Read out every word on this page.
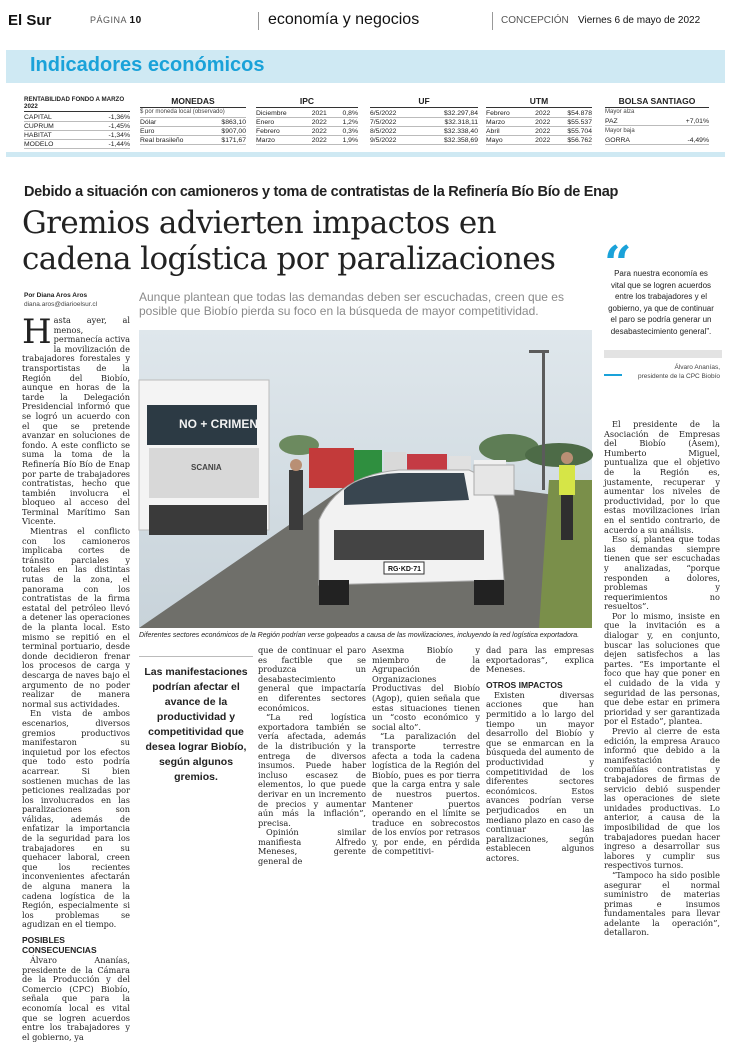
El Sur	PÁGINA 10	economía y negocios	CONCEPCIÓN Viernes 6 de mayo de 2022
Indicadores económicos
RENTABILIDAD FONDO A MARZO 2022
CAPITAL	-1,36%
CUPRUM	-1,45%
HABITAT	-1,34%
MODELO	-1,44%
MONEDAS
$ por moneda local (observado)
Dólar	$863,10
Euro	$907,00
Real brasileño	$171,67
IPC
Diciembre	2021 0,8%
Enero	2022 1,2%
Febrero	2022 0,3%
Marzo	2022 1,9%
UF
6/5/2022	$32.297,84
7/5/2022	$32.318,11
8/5/2022	$32.338,40
9/5/2022	$32.358,69
UTM
Febrero	2022	$54.878
Marzo	2022	$55.537
Abril	2022	$55.704
Mayo	2022	$56.762
BOLSA SANTIAGO
Mayor alza
PAZ	+7,01%
Mayor baja
GORRA	-4,49%
Debido a situación con camioneros y toma de contratistas de la Refinería Bío Bío de Enap
Gremios advierten impactos en cadena logística por paralizaciones
Por Diana Aros Aros
diana.aros@diarioelsur.cl
Aunque plantean que todas las demandas deben ser escuchadas, creen que es posible que Biobío pierda su foco en la búsqueda de mayor competitividad.
H asta ayer, al menos, permanecía activa la movilización de trabajadores forestales y transportistas de la Región del Biobío, aunque en horas de la tarde la Delegación Presidencial informó que se logró un acuerdo con el que se pretende avanzar en soluciones de fondo. A este conflicto se suma la toma de la Refinería Bío Bío de Enap por parte de trabajadores contratistas, hecho que también involucra el bloqueo al acceso del Terminal Marítimo San Vicente.

Mientras el conflicto con los camioneros implicaba cortes de tránsito parciales y totales en las distintas rutas de la zona, el panorama con los contratistas de la firma estatal del petróleo llevó a detener las operaciones de la planta local. Esto mismo se repitió en el terminal portuario, desde donde decidieron frenar los procesos de carga y descarga de naves bajo el argumento de no poder realizar de manera normal sus actividades.

En vista de ambos escenarios, diversos gremios productivos manifestaron su inquietud por los efectos que todo esto podría acarrear. Si bien sostienen muchas de las peticiones realizadas por los involucrados en las paralizaciones son válidas, además de enfatizar la importancia de la seguridad para los trabajadores en su quehacer laboral, creen que los recientes inconvenientes afectarán de alguna manera la cadena logística de la Región, especialmente si los problemas se agudizan en el tiempo.

POSIBLES CONSECUENCIAS

Álvaro Ananías, presidente de la Cámara de la Producción y del Comercio (CPC) Biobío, señala que para la economía local es vital que se logren acuerdos entre los trabajadores y el gobierno, ya

NO + CRIMEN
SCANIA
RG·KD·71
Diferentes sectores económicos de la Región podrían verse golpeados a causa de las movilizaciones, incluyendo la red logística exportadora.
Las manifestaciones podrían afectar el avance de la productividad y competitividad que desea lograr Biobío, según algunos gremios.

que de continuar el paro es factible que se produzca un desabastecimiento general que impactaría en diferentes sectores económicos.

“La red logística exportadora también se vería afectada, además de la distribución y la entrega de diversos insumos. Puede haber incluso escasez de elementos, lo que puede derivar en un incremento de precios y aumentar aún más la inflación”, precisa.

Opinión similar manifiesta Alfredo Meneses, gerente general de

Asexma Biobío y miembro de la Agrupación de Organizaciones Productivas del Biobío (Agop), quien señala que estas situaciones tienen un “costo económico y social alto”.

“La paralización del transporte terrestre afecta a toda la cadena logística de la Región del Biobío, pues es por tierra que la carga entra y sale de nuestros puertos. Mantener puertos operando en el límite se traduce en sobrecostos de los envíos por retrasos y, por ende, en pérdida de competitivi-

dad para las empresas exportadoras”, explica Meneses.

OTROS IMPACTOS

Existen diversas acciones que han permitido a lo largo del tiempo un mayor desarrollo del Biobío y que se enmarcan en la búsqueda del aumento de productividad y competitividad de los diferentes sectores económicos. Estos avances podrían verse perjudicados en un mediano plazo en caso de continuar las paralizaciones, según establecen algunos actores.

“
Para nuestra economía es vital que se logren acuerdos entre los trabajadores y el gobierno, ya que de continuar el paro se podría generar un desabastecimiento general”.
Álvaro Ananías,
presidente de la CPC Biobío

El presidente de la Asociación de Empresas del Biobío (Asem), Humberto Miguel, puntualiza que el objetivo de la Región es, justamente, recuperar y aumentar los niveles de productividad, por lo que estas movilizaciones irían en el sentido contrario, de acuerdo a su análisis.

Eso sí, plantea que todas las demandas siempre tienen que ser escuchadas y analizadas, “porque responden a dolores, problemas y requerimientos no resueltos”.

Por lo mismo, insiste en que la invitación es a dialogar y, en conjunto, buscar las soluciones que dejen satisfechos a las partes. “Es importante el foco que hay que poner en el cuidado de la vida y seguridad de las personas, que debe estar en primera prioridad y ser garantizada por el Estado”, plantea.

Previo al cierre de esta edición, la empresa Arauco informó que debido a la manifestación de compañías contratistas y trabajadores de firmas de servicio debió suspender las operaciones de siete unidades productivas. Lo anterior, a causa de la imposibilidad de que los trabajadores puedan hacer ingreso a desarrollar sus labores y cumplir sus respectivos turnos.

“Tampoco ha sido posible asegurar el normal suministro de materias primas e insumos fundamentales para llevar adelante la operación”, detallaron.
